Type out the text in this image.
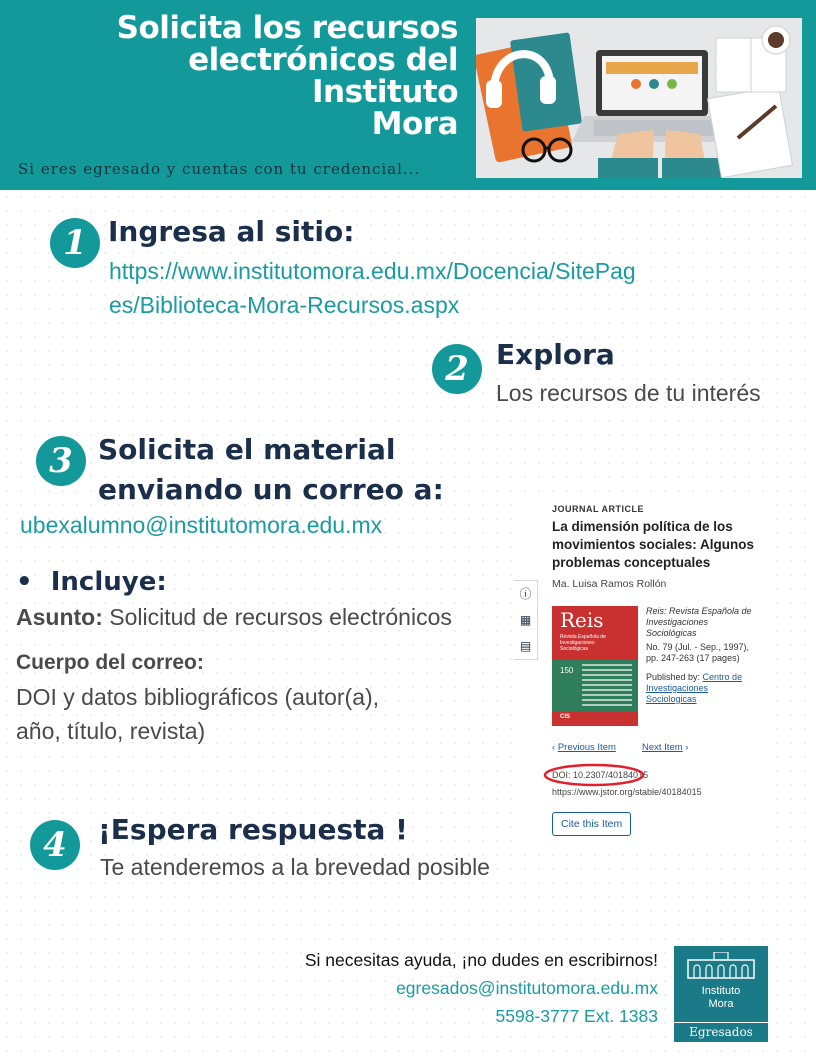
Solicita los recursos
electrónicos del Instituto
Mora
Si eres egresado y cuentas con tu credencial...
1 Ingresa al sitio:
https://www.institutomora.edu.mx/Docencia/SitePag
es/Biblioteca-Mora-Recursos.aspx
2 Explora
Los recursos de tu interés
3 Solicita el material
enviando un correo a:
ubexalumno@institutomora.edu.mx
•  Incluye:
Asunto: Solicitud de recursos electrónicos
Cuerpo del correo:
DOI y datos bibliográficos (autor(a),
año, título, revista)
JOURNAL ARTICLE
La dimensión política de los
movimientos sociales: Algunos
problemas conceptuales
Ma. Luisa Ramos Rollón
ⓘ
▦
▤
Reis
Revista Española de Investigaciones Sociológicas
150
CIS
Reis: Revista Española de
Investigaciones
Sociológicas
No. 79 (Jul. - Sep., 1997),
pp. 247-263 (17 pages)
Published by: Centro de
Investigaciones
Sociologicas
‹ Previous Item	Next Item ›
DOI: 10.2307/40184015
https://www.jstor.org/stable/40184015
Cite this Item
4	¡Espera respuesta !
Te atenderemos a la brevedad posible
Si necesitas ayuda, ¡no dudes en escribirnos!
egresados@institutomora.edu.mx
5598-3777 Ext. 1383
Instituto
Mora
Egresados
